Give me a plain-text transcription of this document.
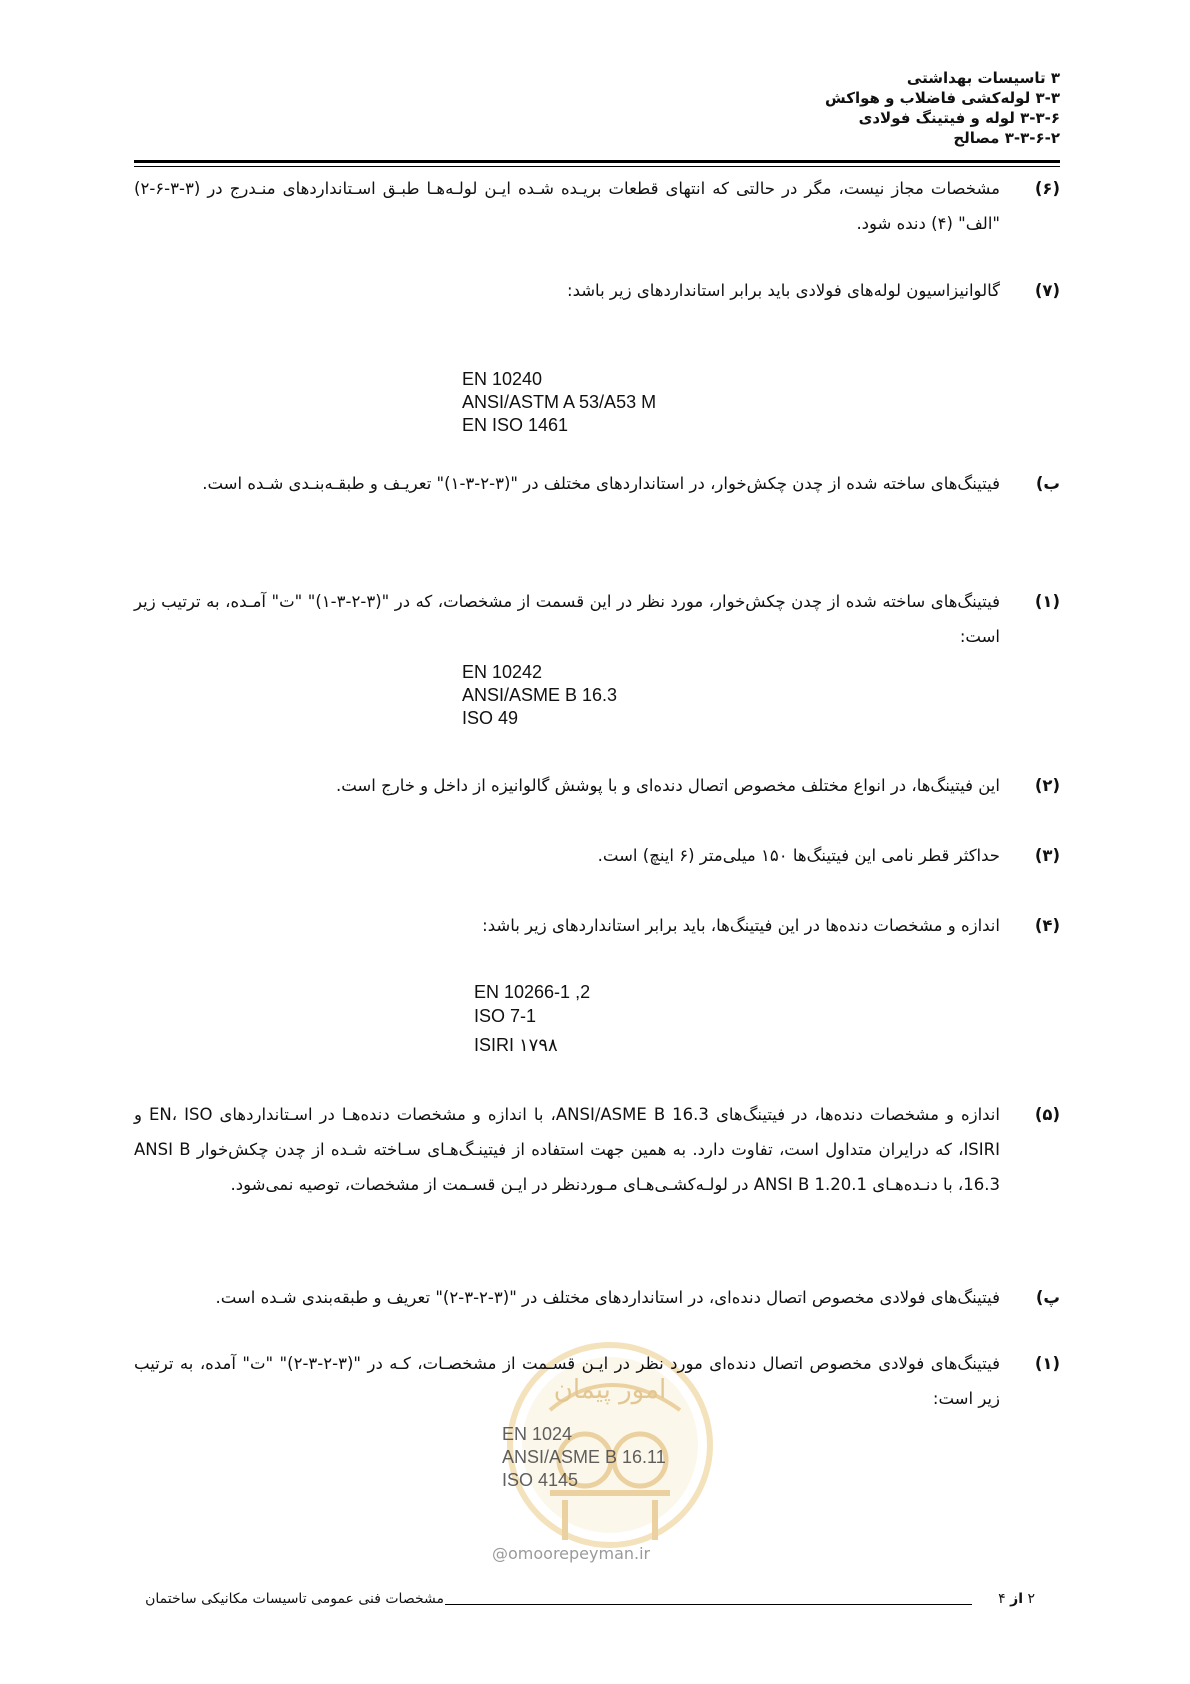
۳ تاسیسات بهداشتی
۳-۳ لوله‌کشی فاضلاب و هواکش
۳-۳-۶ لوله و فیتینگ فولادی
۳-۳-۶-۲ مصالح
(۶)
مشخصات مجاز نیست، مگر در حالتی که انتهای قطعات بریـده شـده ایـن لولـه‌هـا طبـق اسـتانداردهای منـدرج در (۳-۳-۶-۲) "الف" (۴) دنده شود.
(۷)
گالوانیزاسیون لوله‌های فولادی باید برابر استانداردهای زیر باشد:
EN 10240
ANSI/ASTM A 53/A53 M
EN ISO 1461
ب)
فیتینگ‌های ساخته شده از چدن چکش‌خوار، در استانداردهای مختلف در "(۳-۲-۳-۱)" تعریـف و طبقـه‌بنـدی شـده است.
(۱)
فیتینگ‌های ساخته شده از چدن چکش‌خوار، مورد نظر در این قسمت از مشخصات، که در "(۳-۲-۳-۱)" "ت" آمـده، به ترتیب زیر است:
EN 10242
ANSI/ASME B 16.3
ISO 49
(۲)
این فیتینگ‌ها، در انواع مختلف مخصوص اتصال دنده‌ای و با پوشش گالوانیزه از داخل و خارج است.
(۳)
حداکثر قطر نامی این فیتینگ‌ها ۱۵۰ میلی‌متر (۶ اینچ) است.
(۴)
اندازه و مشخصات دنده‌ها در این فیتینگ‌ها، باید برابر استانداردهای زیر باشد:
EN 10266-1 ,2
ISO 7-1
ISIRI ۱۷۹۸
(۵)
اندازه و مشخصات دنده‌ها، در فیتینگ‌های ANSI/ASME B 16.3، با اندازه و مشخصات دنده‌هـا در اسـتانداردهای EN، ISO و ISIRI، که درایران متداول است، تفاوت دارد. به همین جهت استفاده از فیتینـگ‌هـای سـاخته شـده از چدن چکش‌خوار ANSI B 16.3، با دنـده‌هـای ANSI B 1.20.1 در لولـه‌کشـی‌هـای مـوردنظر در ایـن قسـمت از مشخصات، توصیه نمی‌شود.
پ)
فیتینگ‌های فولادی مخصوص اتصال دنده‌ای، در استانداردهای مختلف در "(۳-۲-۳-۲)" تعریف و طبقه‌بندی شـده است.
امور پیمان
(۱)
فیتینگ‌های فولادی مخصوص اتصال دنده‌ای مورد نظر در ایـن قسـمت از مشخصـات، کـه در "(۳-۲-۳-۲)" "ت" آمده، به ترتیب زیر است:
EN 1024
ANSI/ASME B 16.11
ISO 4145
@omoorepeyman.ir
مشخصات فنی عمومی تاسیسات مکانیکی ساختمان	۲ از ۴
